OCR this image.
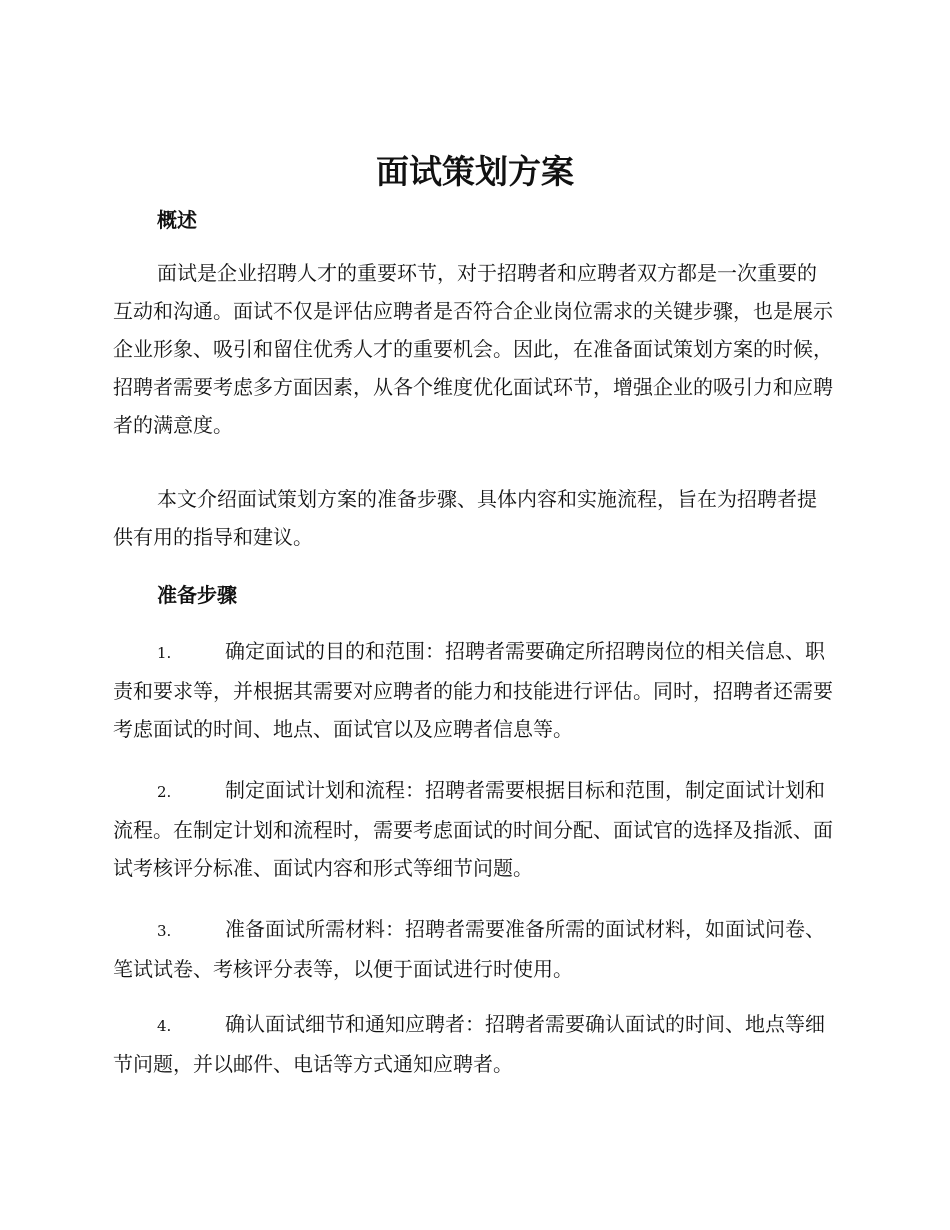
面试策划方案
概述

面试是企业招聘人才的重要环节，对于招聘者和应聘者双方都是一次重要的互动和沟通。面试不仅是评估应聘者是否符合企业岗位需求的关键步骤，也是展示企业形象、吸引和留住优秀人才的重要机会。因此，在准备面试策划方案的时候，招聘者需要考虑多方面因素，从各个维度优化面试环节，增强企业的吸引力和应聘者的满意度。

本文介绍面试策划方案的准备步骤、具体内容和实施流程，旨在为招聘者提供有用的指导和建议。

准备步骤
1.	确定面试的目的和范围：招聘者需要确定所招聘岗位的相关信息、职责和要求等，并根据其需要对应聘者的能力和技能进行评估。同时，招聘者还需要考虑面试的时间、地点、面试官以及应聘者信息等。
2.	制定面试计划和流程：招聘者需要根据目标和范围，制定面试计划和流程。在制定计划和流程时，需要考虑面试的时间分配、面试官的选择及指派、面试考核评分标准、面试内容和形式等细节问题。
3.	准备面试所需材料：招聘者需要准备所需的面试材料，如面试问卷、笔试试卷、考核评分表等，以便于面试进行时使用。
4.	确认面试细节和通知应聘者：招聘者需要确认面试的时间、地点等细节问题，并以邮件、电话等方式通知应聘者。
